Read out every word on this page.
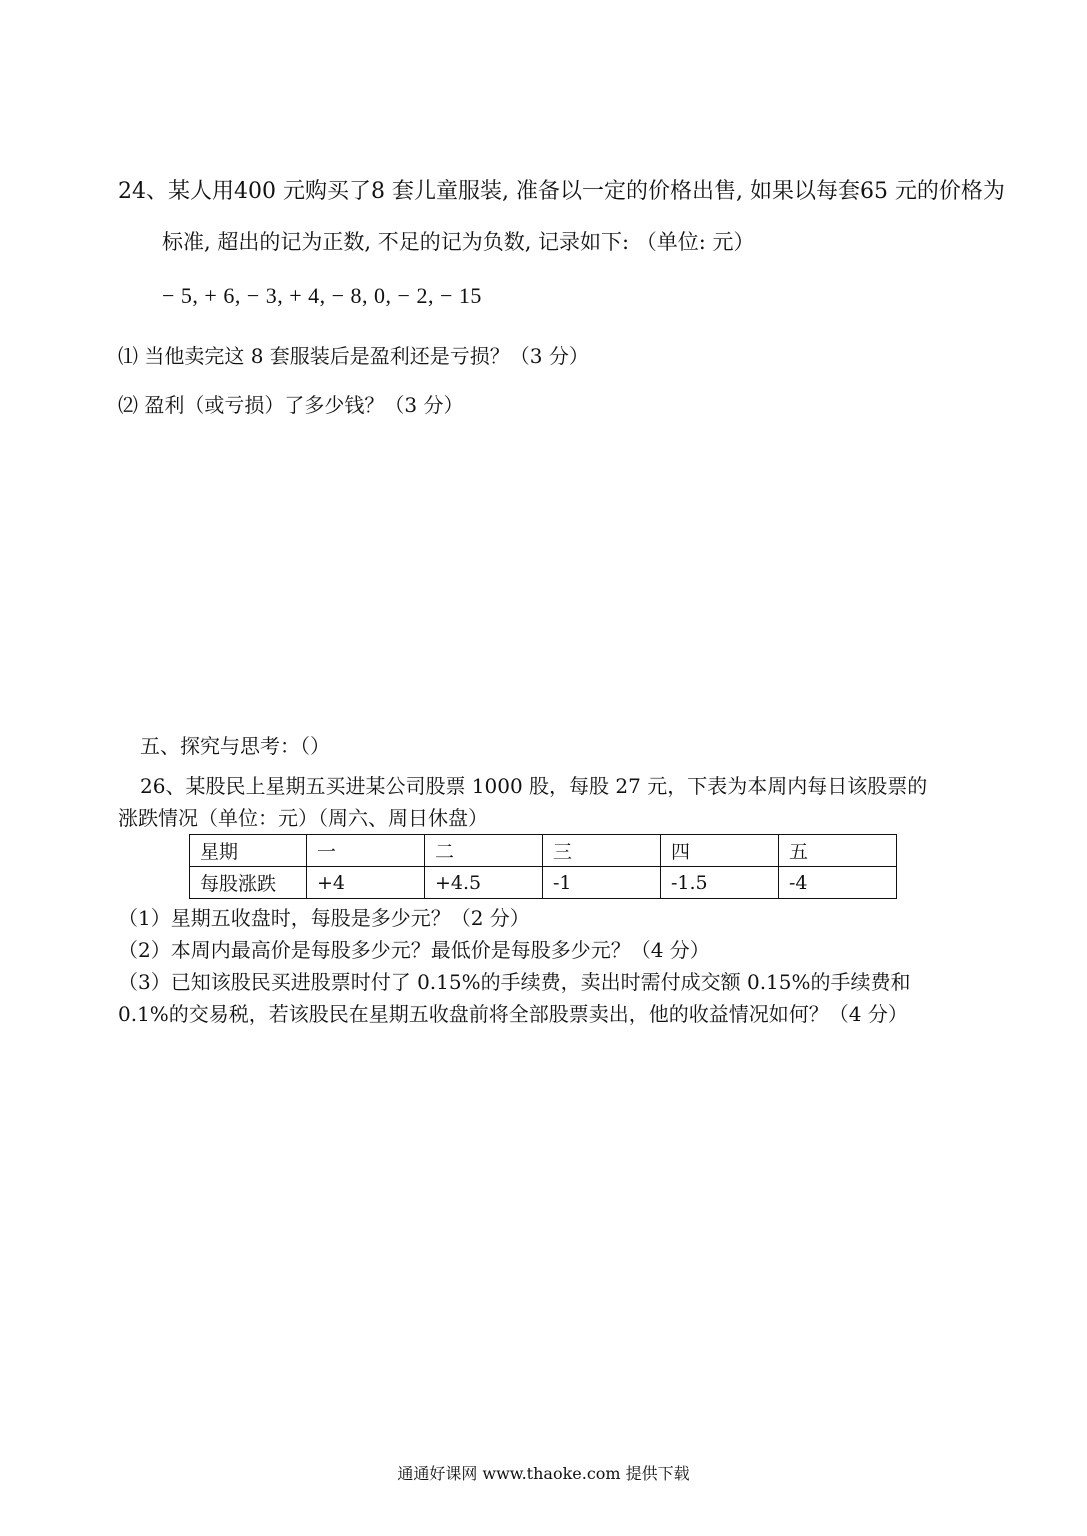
24、某人用400 元购买了8 套儿童服装, 准备以一定的价格出售, 如果以每套65 元的价格为
标准, 超出的记为正数, 不足的记为负数, 记录如下: （单位: 元）
− 5, + 6, − 3, + 4, − 8, 0, − 2, − 15
⑴ 当他卖完这 8 套服装后是盈利还是亏损？（3 分）
⑵ 盈利（或亏损）了多少钱？（3 分）
五、探究与思考：（）
26、某股民上星期五买进某公司股票 1000 股，每股 27 元，下表为本周内每日该股票的
涨跌情况（单位：元）（周六、周日休盘）
星期	一	二	三	四	五
每股涨跌	+4	+4.5	-1	-1.5	-4
（1）星期五收盘时，每股是多少元？（2 分）
（2）本周内最高价是每股多少元？最低价是每股多少元？（4 分）
（3）已知该股民买进股票时付了 0.15%的手续费，卖出时需付成交额 0.15%的手续费和
0.1%的交易税，若该股民在星期五收盘前将全部股票卖出，他的收益情况如何？（4 分）
通通好课网 www.thaoke.com 提供下载
